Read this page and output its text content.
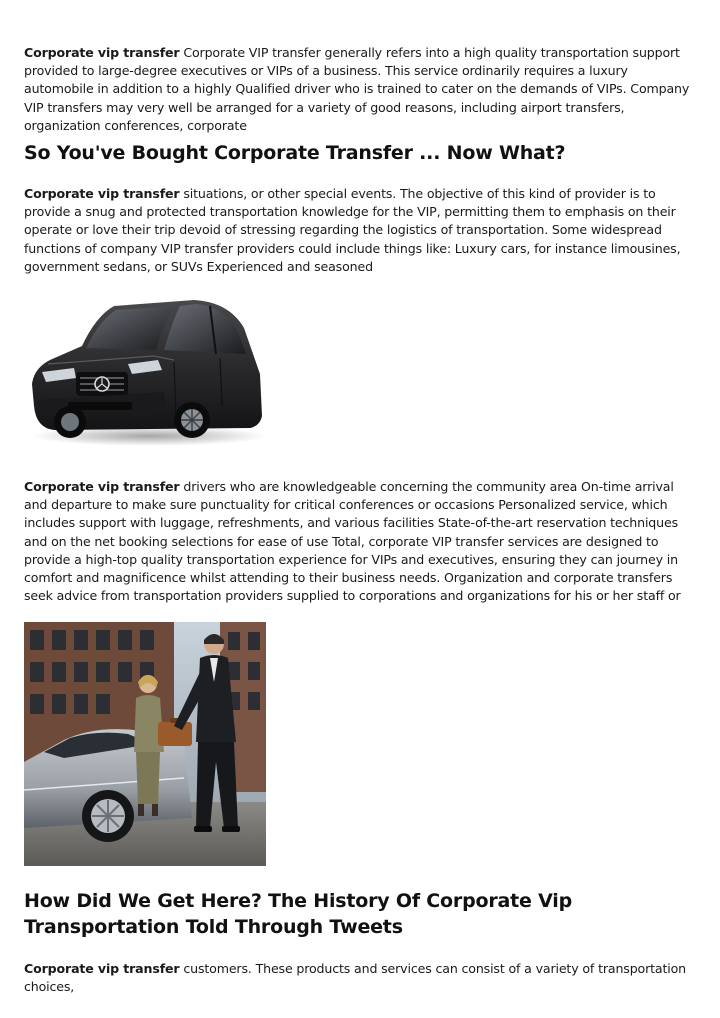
Corporate vip transfer Corporate VIP transfer generally refers into a high quality transportation support provided to large-degree executives or VIPs of a business. This service ordinarily requires a luxury automobile in addition to a highly Qualified driver who is trained to cater on the demands of VIPs. Company VIP transfers may very well be arranged for a variety of good reasons, including airport transfers, organization conferences, corporate

So You've Bought Corporate Transfer ... Now What?

Corporate vip transfer situations, or other special events. The objective of this kind of provider is to provide a snug and protected transportation knowledge for the VIP, permitting them to emphasis on their operate or love their trip devoid of stressing regarding the logistics of transportation. Some widespread functions of company VIP transfer providers could include things like: Luxury cars, for instance limousines, government sedans, or SUVs Experienced and seasoned

Corporate vip transfer drivers who are knowledgeable concerning the community area On-time arrival and departure to make sure punctuality for critical conferences or occasions Personalized service, which includes support with luggage, refreshments, and various facilities State-of-the-art reservation techniques and on the net booking selections for ease of use Total, corporate VIP transfer services are designed to provide a high-top quality transportation experience for VIPs and executives, ensuring they can journey in comfort and magnificence whilst attending to their business needs. Organization and corporate transfers seek advice from transportation providers supplied to corporations and organizations for his or her staff or

How Did We Get Here? The History Of Corporate Vip Transportation Told Through Tweets

Corporate vip transfer customers. These products and services can consist of a variety of transportation choices,
